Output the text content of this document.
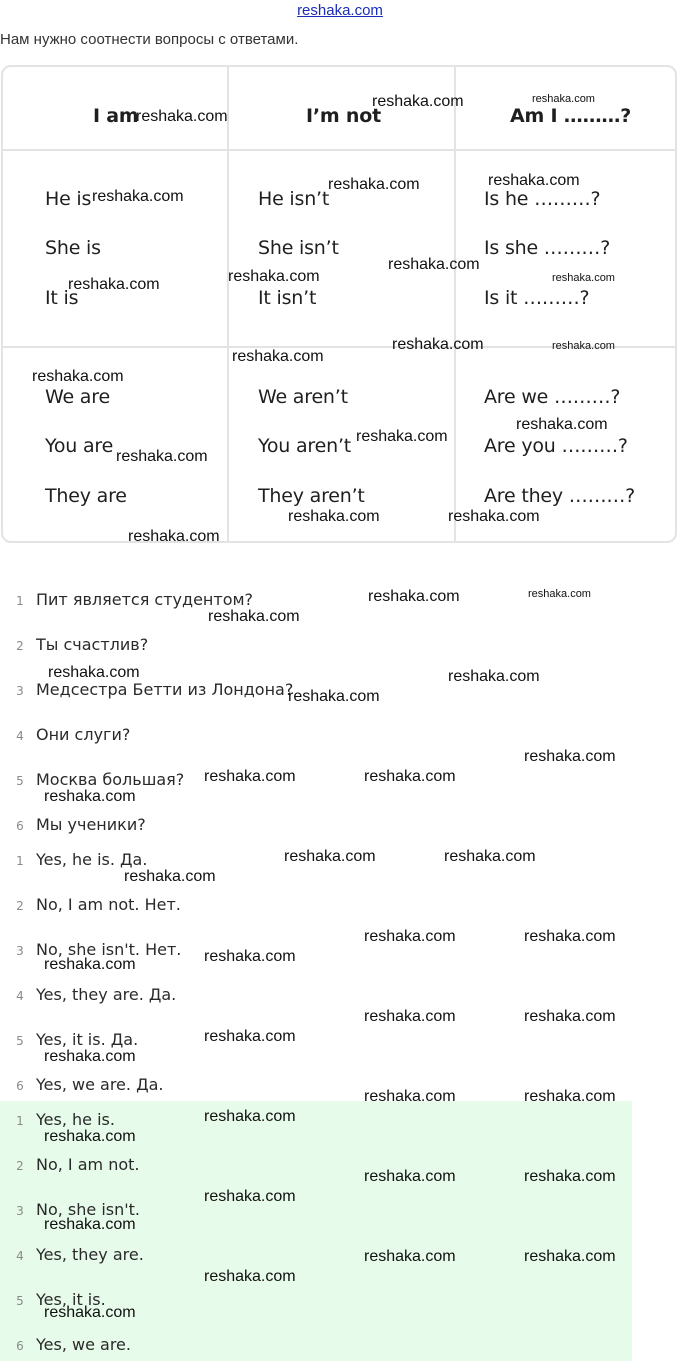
reshaka.com
Нам нужно соотнести вопросы с ответами.
I am	I’m not	Am I ………?
He is	He isn’t	Is he ………?
She is	She isn’t	Is she ………?
It is	It isn’t	Is it ………?
We are	We aren’t	Are we ………?
You are	You aren’t	Are you ………?
They are	They aren’t	Are they ………?
1 Пит является студентом?
2 Ты счастлив?
3 Медсестра Бетти из Лондона?
4 Они слуги?
5 Москва большая?
6 Мы ученики?
1 Yes, he is. Да.
2 No, I am not. Нет.
3 No, she isn't. Нет.
4 Yes, they are. Да.
5 Yes, it is. Да.
6 Yes, we are. Да.
1 Yes, he is.
2 No, I am not.
3 No, she isn't.
4 Yes, they are.
5 Yes, it is.
6 Yes, we are.
reshaka.com
reshaka.com	reshaka.com
reshaka.com
reshaka.com	reshaka.com
reshaka.com
reshaka.com	reshaka.com	reshaka.com
reshaka.com	reshaka.com
reshaka.com
reshaka.com
reshaka.com
reshaka.com
reshaka.com
reshaka.com	reshaka.com
reshaka.com
reshaka.com	reshaka.com
reshaka.com
reshaka.com	reshaka.com
reshaka.com
reshaka.com
reshaka.com	reshaka.com
reshaka.com
reshaka.com	reshaka.com
reshaka.com
reshaka.com	reshaka.com
reshaka.com
reshaka.com
reshaka.com	reshaka.com
reshaka.com
reshaka.com
reshaka.com	reshaka.com
reshaka.com
reshaka.com
reshaka.com	reshaka.com
reshaka.com
reshaka.com
reshaka.com	reshaka.com
reshaka.com
reshaka.com
